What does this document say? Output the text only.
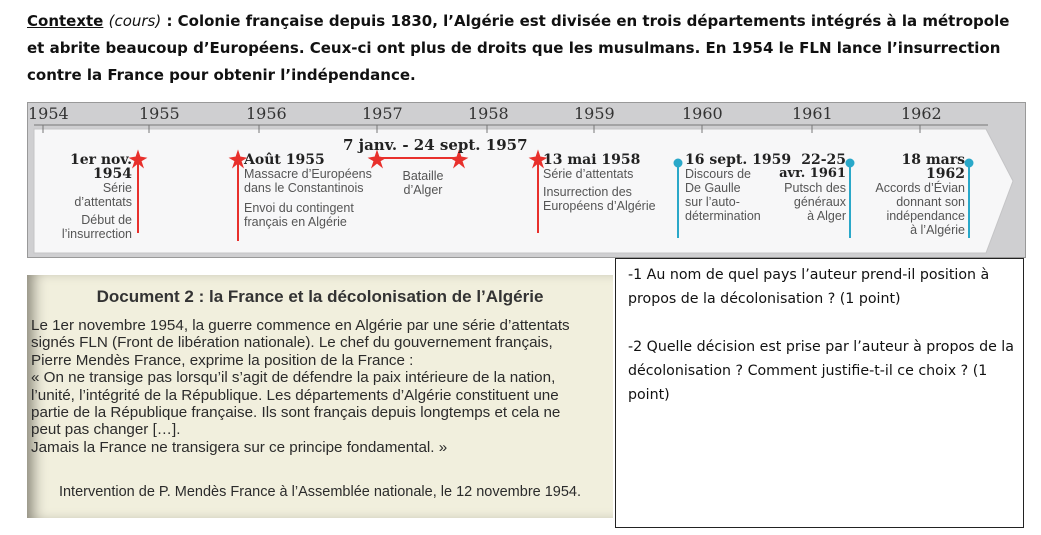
Contexte (cours) : Colonie française depuis 1830, l’Algérie est divisée en trois départements intégrés à la métropole et abrite beaucoup d’Européens. Ceux-ci ont plus de droits que les musulmans. En 1954 le FLN lance l’insurrection contre la France pour obtenir l’indépendance.
1954	1955	1956	1957	1958	1959	1960	1961	1962
7 janv. - 24 sept. 1957
1er nov. 1954
Série
d’attentats
Début de
l’insurrection
Août 1955
Massacre d’Européens
dans le Constantinois
Envoi du contingent
français en Algérie
Bataille
d’Alger
13 mai 1958
Série d’attentats
Insurrection des
Européens d’Algérie
16 sept. 1959
Discours de
De Gaulle
sur l’auto-
détermination
22-25
avr. 1961
Putsch des
généraux
à Alger
18 mars 1962
Accords d’Évian
donnant son
indépendance
à l’Algérie
Document 2 : la France et la décolonisation de l’Algérie
Le 1er novembre 1954, la guerre commence en Algérie par une série d’attentats
signés FLN (Front de libération nationale). Le chef du gouvernement français,
Pierre Mendès France, exprime la position de la France :
« On ne transige pas lorsqu’il s’agit de défendre la paix intérieure de la nation,
l’unité, l’intégrité de la République. Les départements d’Algérie constituent une
partie de la République française. Ils sont français depuis longtemps et cela ne
peut pas changer […].
Jamais la France ne transigera sur ce principe fondamental. »
Intervention de P. Mendès France à l’Assemblée nationale, le 12 novembre 1954.

-1 Au nom de quel pays l’auteur prend-il position à propos de la décolonisation ? (1 point)

-2 Quelle décision est prise par l’auteur à propos de la décolonisation ? Comment justifie-t-il ce choix ? (1 point)
